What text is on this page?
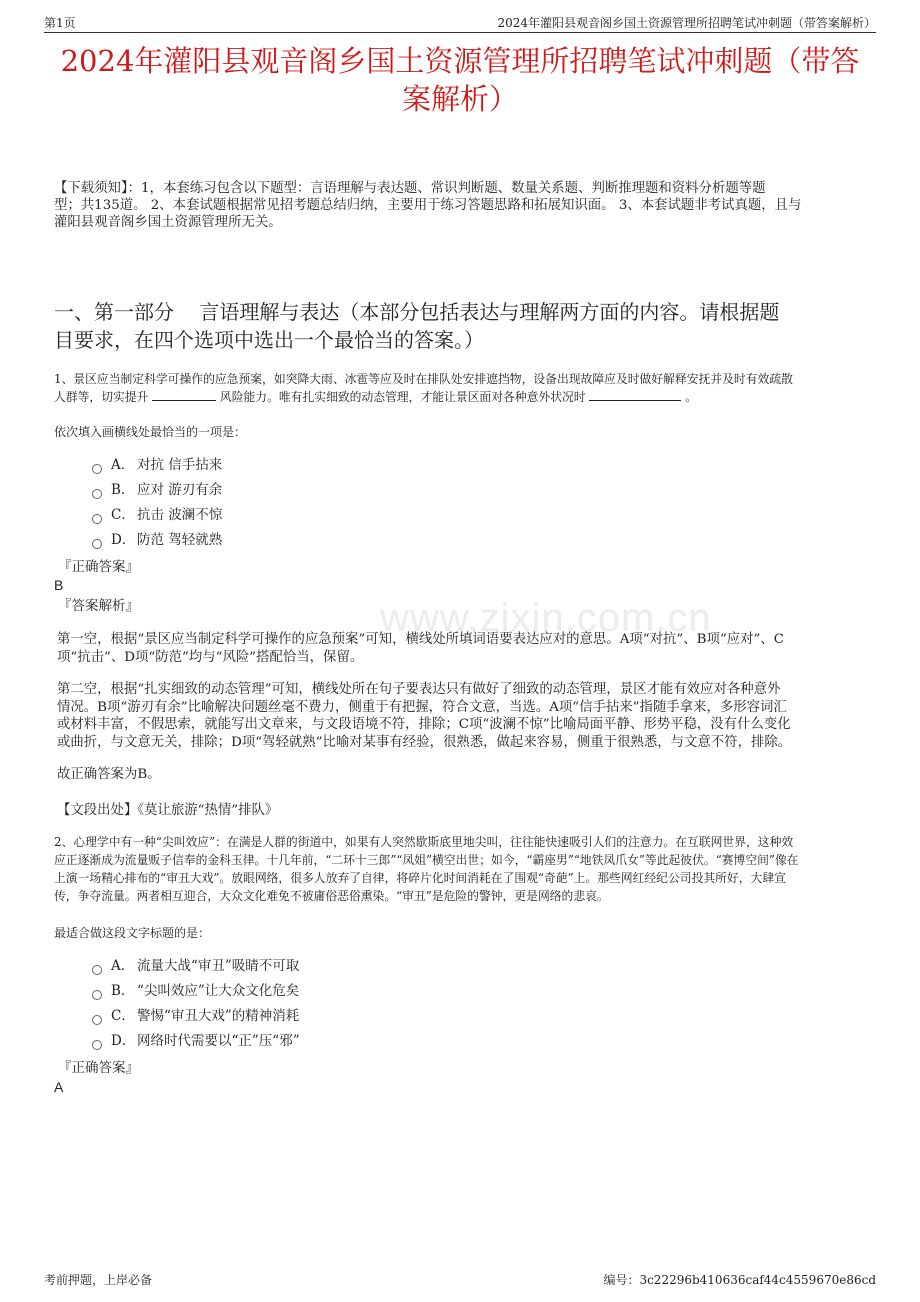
第1页	2024年灌阳县观音阁乡国土资源管理所招聘笔试冲刺题（带答案解析）
2024年灌阳县观音阁乡国土资源管理所招聘笔试冲刺题（带答
案解析）
【下载须知】：1，本套练习包含以下题型：言语理解与表达题、常识判断题、数量关系题、判断推理题和资料分析题等题
型；共135道。 2、本套试题根据常见招考题总结归纳，主要用于练习答题思路和拓展知识面。 3、本套试题非考试真题，且与
灌阳县观音阁乡国土资源管理所无关。
一、第一部分    言语理解与表达（本部分包括表达与理解两方面的内容。请根据题
目要求，在四个选项中选出一个最恰当的答案。）
1、景区应当制定科学可操作的应急预案，如突降大雨、冰雹等应及时在排队处安排遮挡物，设备出现故障应及时做好解释安抚并及时有效疏散
人群等，切实提升	风险能力。唯有扎实细致的动态管理，才能让景区面对各种意外状况时	。
依次填入画横线处最恰当的一项是：
A． 对抗 信手拈来
B． 应对 游刃有余
C． 抗击 波澜不惊
D． 防范 驾轻就熟
『正确答案』
B
『答案解析』
第一空，根据“景区应当制定科学可操作的应急预案”可知，横线处所填词语要表达应对的意思。A项“对抗”、B项“应对”、C
项“抗击”、D项“防范”均与“风险”搭配恰当，保留。
第二空，根据“扎实细致的动态管理”可知，横线处所在句子要表达只有做好了细致的动态管理，景区才能有效应对各种意外
情况。B项“游刃有余”比喻解决问题丝毫不费力，侧重于有把握，符合文意，当选。A项“信手拈来”指随手拿来，多形容词汇
或材料丰富，不假思索，就能写出文章来，与文段语境不符，排除；C项“波澜不惊”比喻局面平静、形势平稳，没有什么变化
或曲折，与文意无关，排除；D项“驾轻就熟”比喻对某事有经验，很熟悉，做起来容易，侧重于很熟悉，与文意不符，排除。
故正确答案为B。
【文段出处】《莫让旅游“热情”排队》
2、心理学中有一种“尖叫效应”：在满是人群的街道中，如果有人突然歇斯底里地尖叫，往往能快速吸引人们的注意力。在互联网世界，这种效
应正逐渐成为流量贩子信奉的金科玉律。十几年前，“二环十三郎”“凤姐”横空出世；如今，“霸座男”“地铁凤爪女”等此起彼伏。“赛博空间”像在
上演一场精心排布的“审丑大戏”。放眼网络，很多人放弃了自律，将碎片化时间消耗在了围观“奇葩”上。那些网红经纪公司投其所好，大肆宣
传，争夺流量。两者相互迎合，大众文化难免不被庸俗恶俗熏染。“审丑”是危险的警钟，更是网络的悲哀。
最适合做这段文字标题的是：
A． 流量大战“审丑”吸睛不可取
B． “尖叫效应”让大众文化危矣
C． 警惕“审丑大戏”的精神消耗
D． 网络时代需要以“正”压“邪”
『正确答案』
A
www.zixin.com.cn
考前押题，上岸必备	编号：3c22296b410636caf44c4559670e86cd
